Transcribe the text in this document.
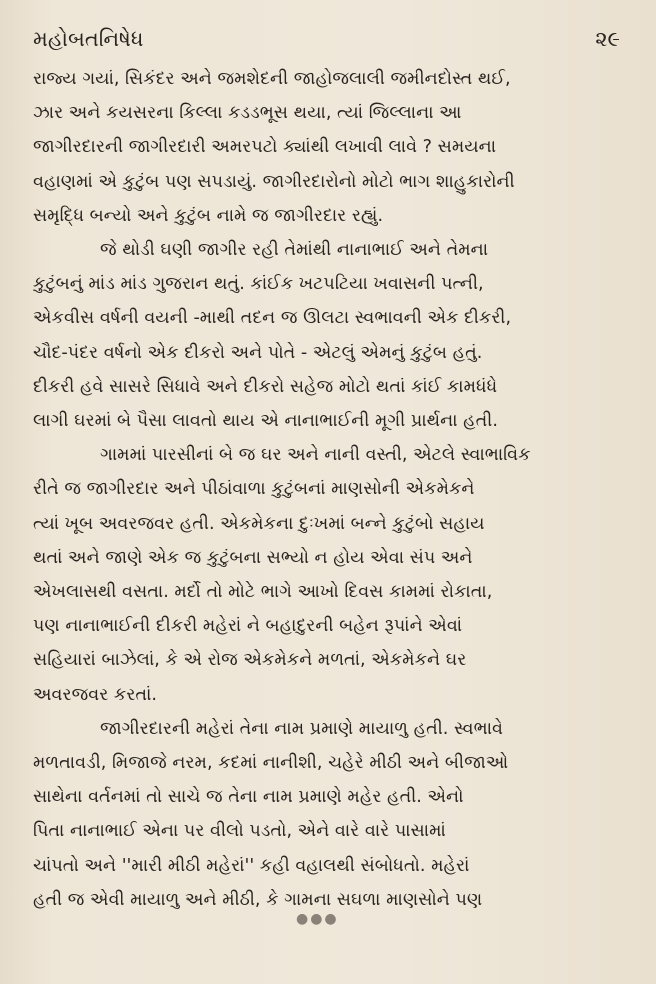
મહોબતનિષેધ	૨૯
રાજ્ય ગયાં, સિકંદર અને જમશેદની જાહોજલાલી જમીનદોસ્ત થઈ,
ઝાર અને કયસરના કિલ્લા કડડભૂસ થયા, ત્યાં જિલ્લાના આ
જાગીરદારની જાગીરદારી અમરપટો ક્યાંથી લખાવી લાવે ? સમયના
વહાણમાં એ કુટુંબ પણ સપડાયું. જાગીરદારોનો મોટો ભાગ શાહુકારોની
સમૃદ્ધિ બન્યો અને કુટુંબ નામે જ જાગીરદાર રહ્યું.
જે થોડી ઘણી જાગીર રહી તેમાંથી નાનાભાઈ અને તેમના
કુટુંબનું માંડ માંડ ગુજરાન થતું. કાંઈક ખટપટિયા ખવાસની પત્ની,
એકવીસ વર્ષની વયની -માથી તદન જ ઊલટા સ્વભાવની એક દીકરી,
ચૌદ-પંદર વર્ષનો એક દીકરો અને પોતે - એટલું એમનું કુટુંબ હતું.
દીકરી હવે સાસરે સિધાવે અને દીકરો સહેજ મોટો થતાં કાંઈ કામધંધે
લાગી ઘરમાં બે પૈસા લાવતો થાય એ નાનાભાઈની મૂગી પ્રાર્થના હતી.
ગામમાં પારસીનાં બે જ ઘર અને નાની વસ્તી, એટલે સ્વાભાવિક
રીતે જ જાગીરદાર અને પીઠાંવાળા કુટુંબનાં માણસોની એકમેકને
ત્યાં ખૂબ અવરજવર હતી. એકમેકના દુઃખમાં બન્ને કુટુંબો સહાય
થતાં અને જાણે એક જ કુટુંબના સભ્યો ન હોય એવા સંપ અને
એખલાસથી વસતા. મર્દો તો મોટે ભાગે આખો દિવસ કામમાં રોકાતા,
પણ નાનાભાઈની દીકરી મહેરાં ને બહાદુરની બહેન રૂપાંને એવાં
સહિયારાં બાઝેલાં, કે એ રોજ એકમેકને મળતાં, એકમેકને ઘર
અવરજવર કરતાં.
જાગીરદારની મહેરાં તેના નામ પ્રમાણે માયાળુ હતી. સ્વભાવે
મળતાવડી, મિજાજે નરમ, કદમાં નાનીશી, ચહેરે મીઠી અને બીજાઓ
સાથેના વર્તનમાં તો સાચે જ તેના નામ પ્રમાણે મહેર હતી. એનો
પિતા નાનાભાઈ એના પર વીલો પડતો, એને વારે વારે પાસામાં
ચાંપતો અને ''મારી મીઠી મહેરાં'' કહી વહાલથી સંબોધતો. મહેરાં
હતી જ એવી માયાળુ અને મીઠી, કે ગામના સઘળા માણસોને પણ
●●●
